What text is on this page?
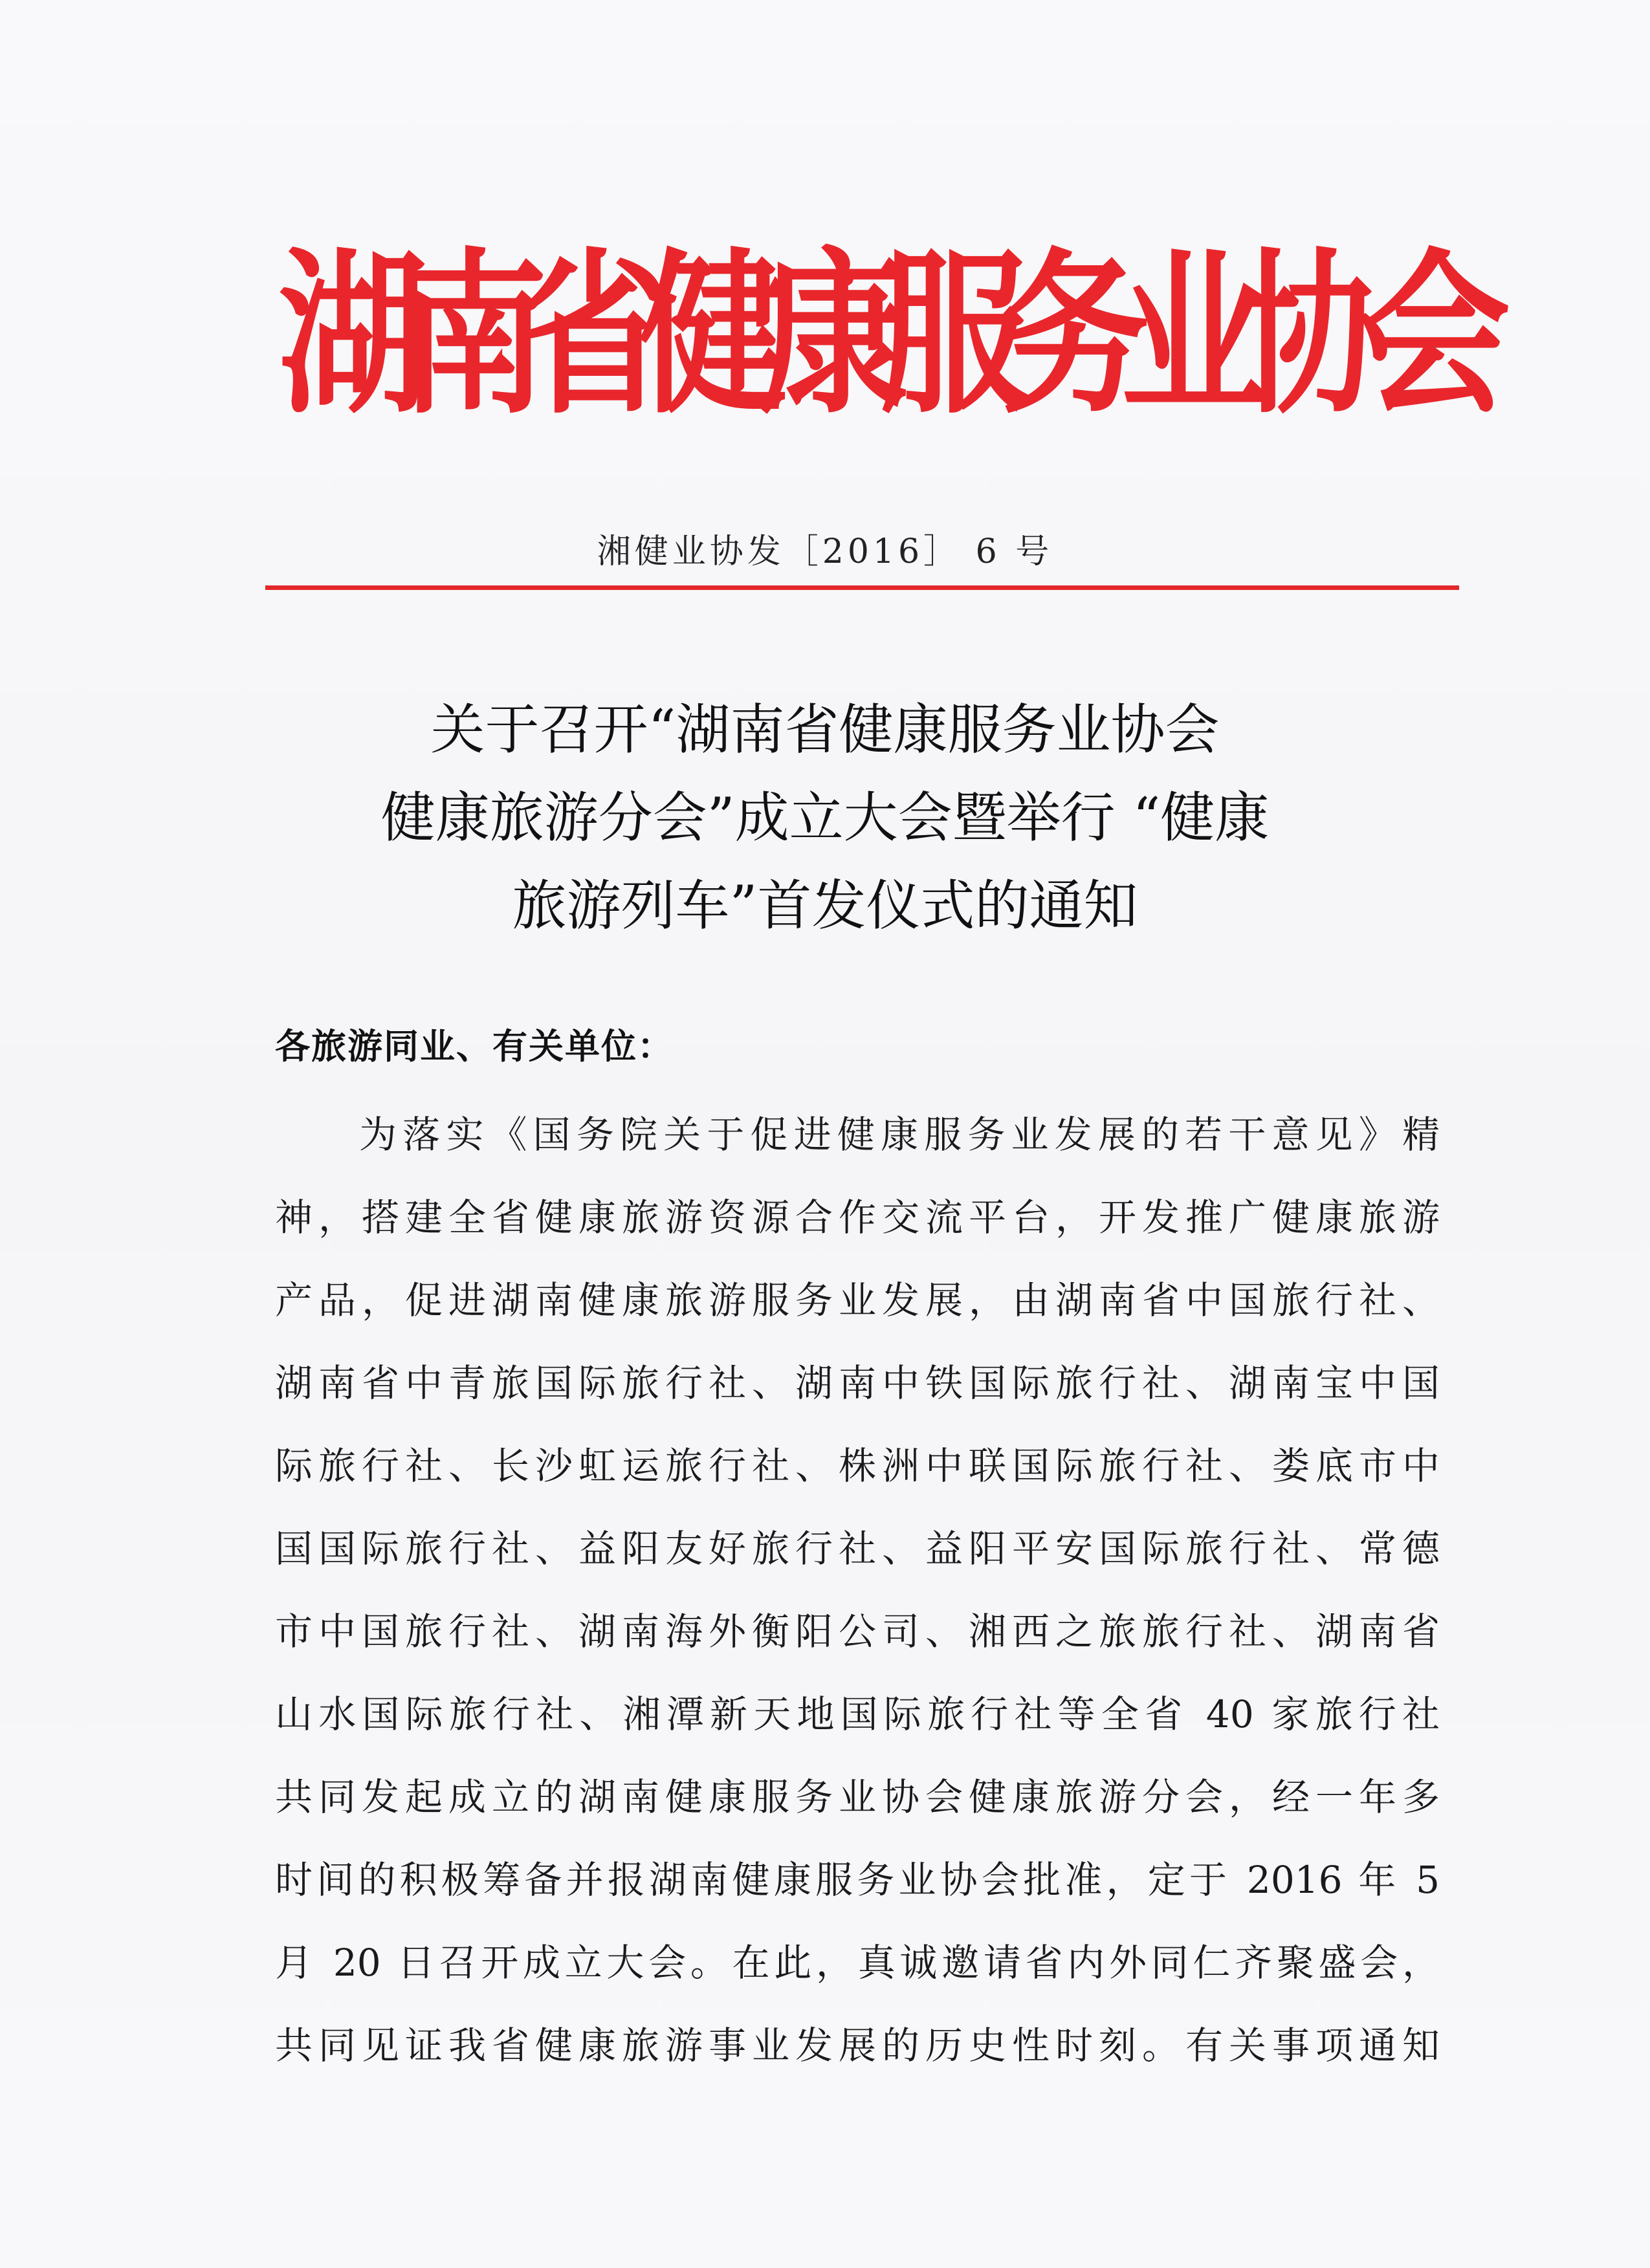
湖
南
省
健
康
服
务
业
协
会
湘健业协发［2016］ 6 号
关于召开“湖南省健康服务业协会
健康旅游分会”成立大会暨举行 “健康
旅游列车”首发仪式的通知
各旅游同业、有关单位：
为落实《国务院关于促进健康服务业发展的若干意见》精
神，搭建全省健康旅游资源合作交流平台，开发推广健康旅游
产品，促进湖南健康旅游服务业发展，由湖南省中国旅行社、
湖南省中青旅国际旅行社、湖南中铁国际旅行社、湖南宝中国
际旅行社、长沙虹运旅行社、株洲中联国际旅行社、娄底市中
国国际旅行社、益阳友好旅行社、益阳平安国际旅行社、常德
市中国旅行社、湖南海外衡阳公司、湘西之旅旅行社、湖南省
山水国际旅行社、湘潭新天地国际旅行社等全省 40 家旅行社
共同发起成立的湖南健康服务业协会健康旅游分会，经一年多
时间的积极筹备并报湖南健康服务业协会批准，定于 2016 年 5
月 20 日召开成立大会。在此，真诚邀请省内外同仁齐聚盛会，
共同见证我省健康旅游事业发展的历史性时刻。有关事项通知
